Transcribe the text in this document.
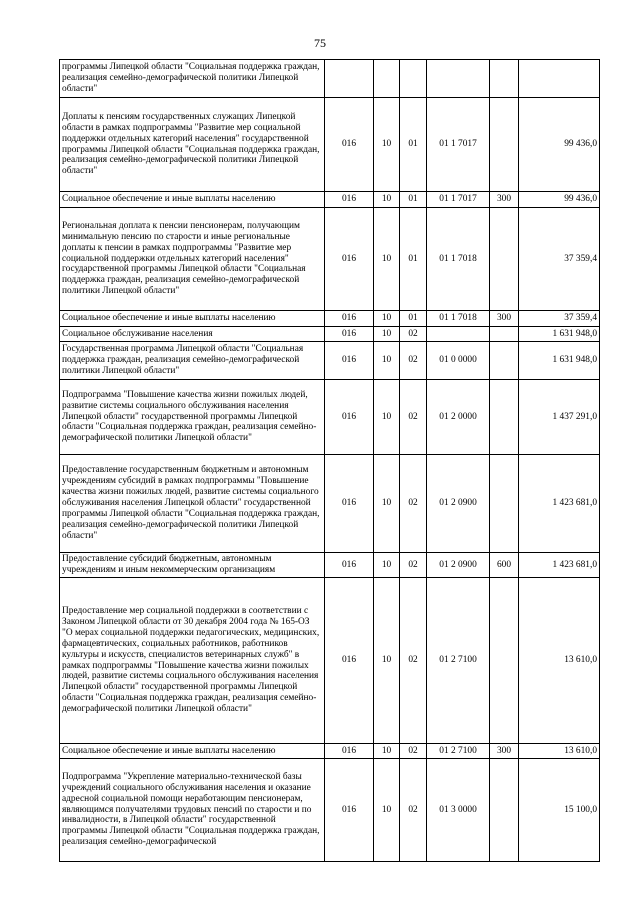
75
программы Липецкой области "Социальная поддержка граждан, реализация семейно-демографической политики Липецкой области"						
Доплаты к пенсиям государственных служащих Липецкой области в рамках подпрограммы "Развитие мер социальной поддержки отдельных категорий населения" государственной программы Липецкой области "Социальная поддержка граждан, реализация семейно-демографической политики Липецкой области"	016	10	01	01 1 7017		99 436,0
Социальное обеспечение и иные выплаты населению	016	10	01	01 1 7017	300	99 436,0
Региональная доплата к пенсии пенсионерам, получающим минимальную пенсию по старости и иные региональные доплаты к пенсии в рамках подпрограммы "Развитие мер социальной поддержки отдельных категорий населения" государственной программы Липецкой области "Социальная поддержка граждан, реализация семейно-демографической политики Липецкой области"	016	10	01	01 1 7018		37 359,4
Социальное обеспечение и иные выплаты населению	016	10	01	01 1 7018	300	37 359,4
Социальное обслуживание населения	016	10	02			1 631 948,0
Государственная программа Липецкой области "Социальная поддержка граждан, реализация семейно-демографической политики Липецкой области"	016	10	02	01 0 0000		1 631 948,0
Подпрограмма "Повышение качества жизни пожилых людей, развитие системы социального обслуживания населения Липецкой области" государственной программы Липецкой области "Социальная поддержка граждан, реализация семейно-демографической политики Липецкой области"	016	10	02	01 2 0000		1 437 291,0
Предоставление государственным бюджетным и автономным учреждениям субсидий в рамках подпрограммы "Повышение качества жизни пожилых людей, развитие системы социального обслуживания населения Липецкой области" государственной программы Липецкой области "Социальная поддержка граждан, реализация семейно-демографической политики Липецкой области"	016	10	02	01 2 0900		1 423 681,0
Предоставление субсидий бюджетным, автономным учреждениям и иным некоммерческим организациям	016	10	02	01 2 0900	600	1 423 681,0
Предоставление мер социальной поддержки в соответствии с Законом Липецкой области от 30 декабря 2004 года № 165-ОЗ "О мерах социальной поддержки педагогических, медицинских, фармацевтических, социальных работников, работников культуры и искусств, специалистов ветеринарных служб" в рамках подпрограммы "Повышение качества жизни пожилых людей, развитие системы социального обслуживания населения Липецкой области" государственной программы Липецкой области "Социальная поддержка граждан, реализация семейно-демографической политики Липецкой области"	016	10	02	01 2 7100		13 610,0
Социальное обеспечение и иные выплаты населению	016	10	02	01 2 7100	300	13 610,0
Подпрограмма "Укрепление материально-технической базы учреждений социального обслуживания населения и оказание адресной социальной помощи неработающим пенсионерам, являющимся получателями трудовых пенсий по старости и по инвалидности, в Липецкой области" государственной программы Липецкой области "Социальная поддержка граждан, реализация семейно-демографической	016	10	02	01 3 0000		15 100,0
